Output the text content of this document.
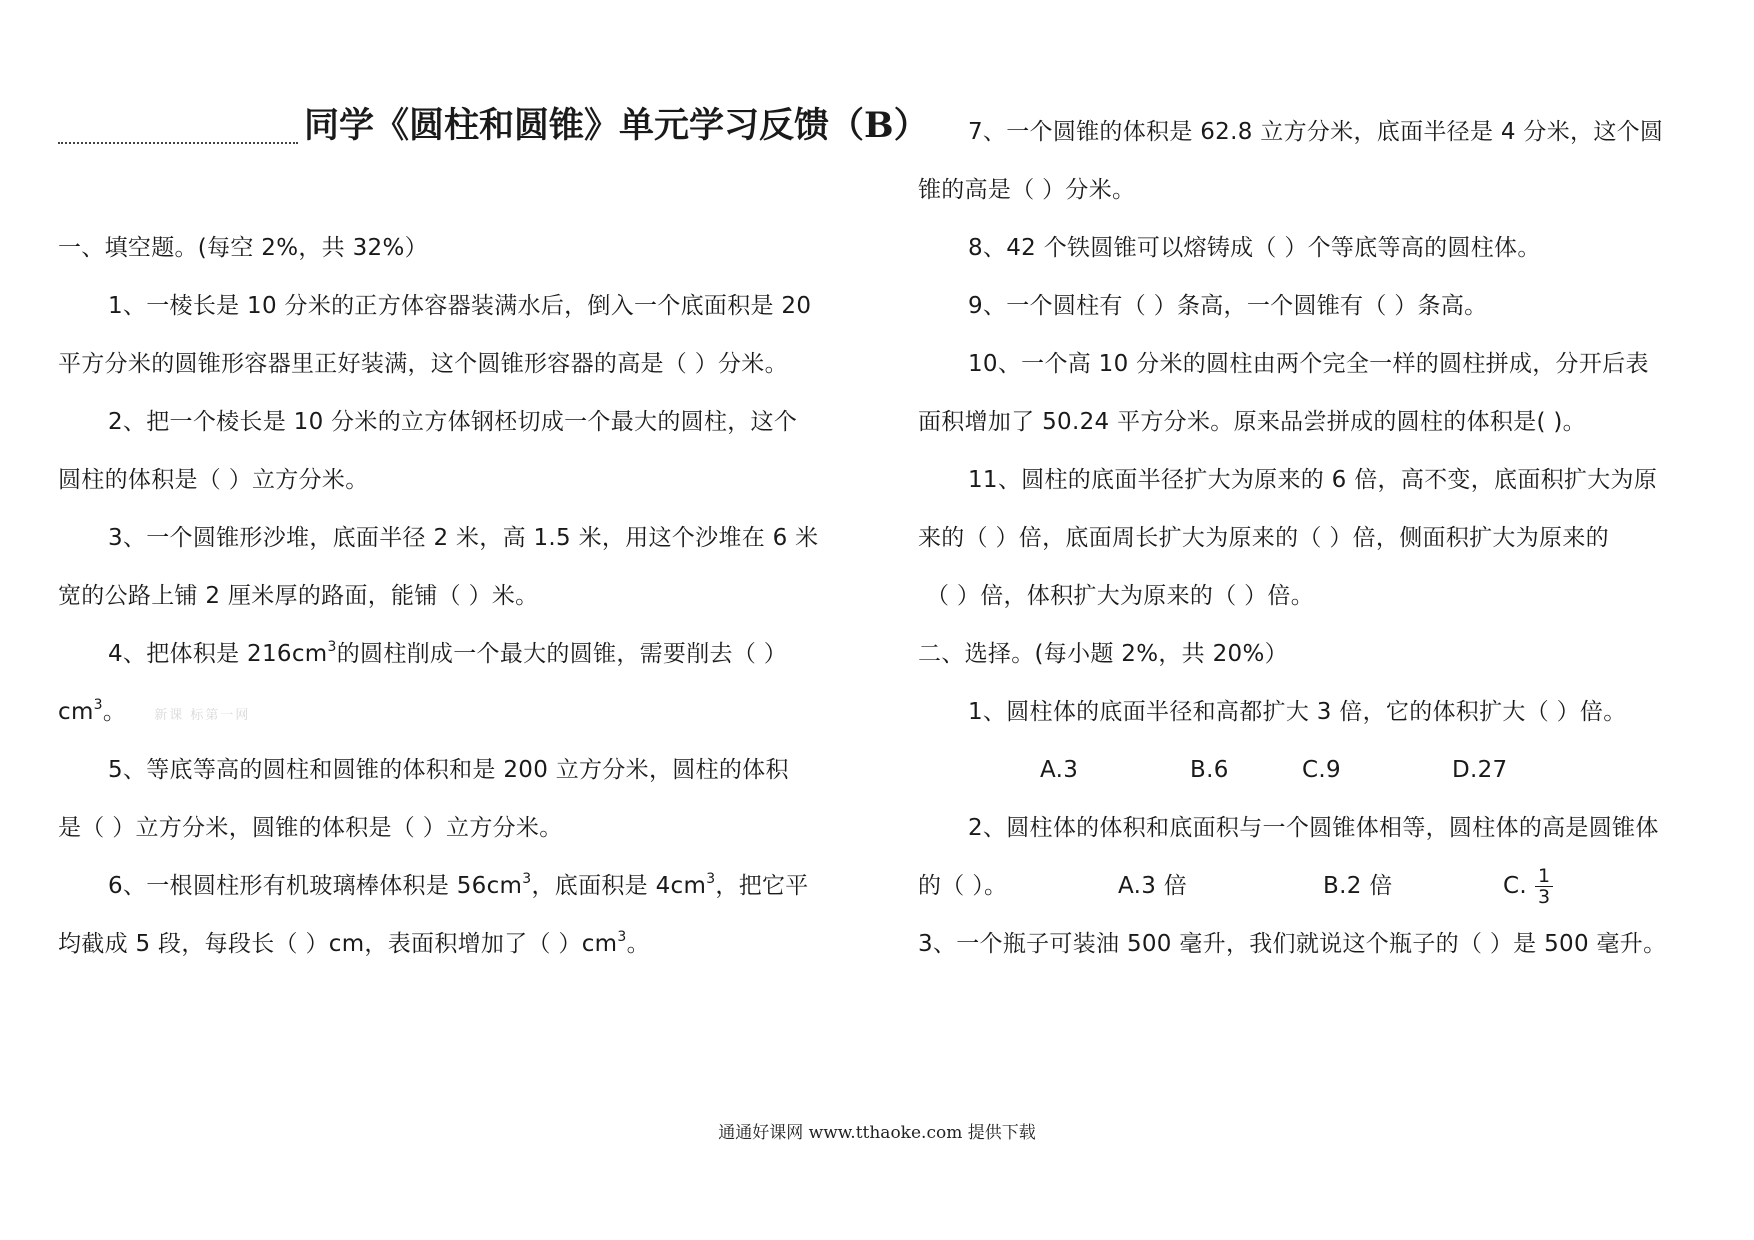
同学《圆柱和圆锥》单元学习反馈（B）
一、填空题。(每空 2%，共 32%）
1、一棱长是 10 分米的正方体容器装满水后，倒入一个底面积是 20
平方分米的圆锥形容器里正好装满，这个圆锥形容器的高是（ ）分米。
2、把一个棱长是 10 分米的立方体钢柸切成一个最大的圆柱，这个
圆柱的体积是（ ）立方分米。
3、一个圆锥形沙堆，底面半径 2 米，高 1.5 米，用这个沙堆在 6 米
宽的公路上铺 2 厘米厚的路面，能铺（ ）米。
4、把体积是 $216cm^3$的圆柱削成一个最大的圆锥，需要削去（ ）
$cm^3$。 新课 标第一网
5、等底等高的圆柱和圆锥的体积和是 200 立方分米，圆柱的体积
是（ ）立方分米，圆锥的体积是（ ）立方分米。
6、一根圆柱形有机玻璃棒体积是 $56cm^3$，底面积是 $4cm^3$，把它平
均截成 5 段，每段长（ ）cm，表面积增加了（ ）$cm^3$。
7、一个圆锥的体积是 62.8 立方分米，底面半径是 4 分米，这个圆
锥的高是（ ）分米。
8、42 个铁圆锥可以熔铸成（ ）个等底等高的圆柱体。
9、一个圆柱有（ ）条高，一个圆锥有（ ）条高。
10、一个高 10 分米的圆柱由两个完全一样的圆柱拼成，分开后表
面积增加了 50.24 平方分米。原来品尝拼成的圆柱的体积是( )。
11、圆柱的底面半径扩大为原来的 6 倍，高不变，底面积扩大为原
来的（ ）倍，底面周长扩大为原来的（ ）倍，侧面积扩大为原来的
（ ）倍，体积扩大为原来的（ ）倍。
二、选择。(每小题 2%，共 20%）
1、圆柱体的底面半径和高都扩大 3 倍，它的体积扩大（ ）倍。
A.3	B.6	C.9	D.27
2、圆柱体的体积和底面积与一个圆锥体相等，圆柱体的高是圆锥体
的（ ）。	A.3 倍	B.2 倍	C. $\frac{1}{3}$
3、一个瓶子可装油 500 毫升，我们就说这个瓶子的（ ）是 500 毫升。
通通好课网 www.tthaoke.com 提供下载
